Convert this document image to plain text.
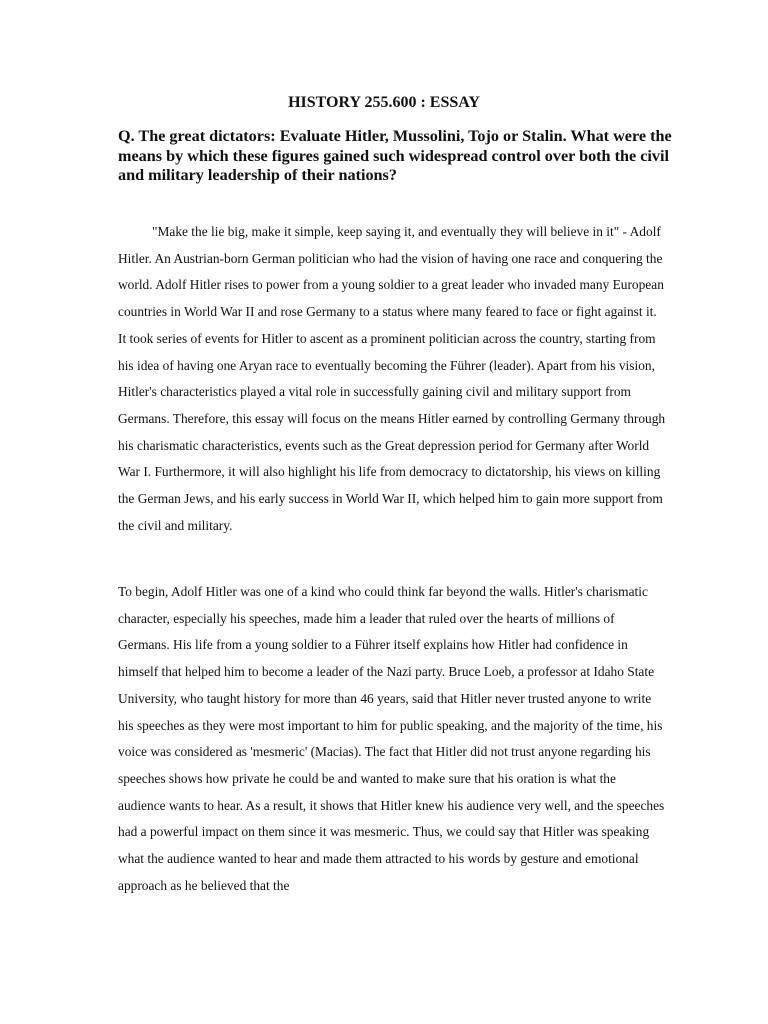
HISTORY 255.600 : ESSAY

Q. The great dictators: Evaluate Hitler, Mussolini, Tojo or Stalin. What were the means by which these figures gained such widespread control over both the civil and military leadership of their nations?

"Make the lie big, make it simple, keep saying it, and eventually they will believe in it" - Adolf Hitler. An Austrian-born German politician who had the vision of having one race and conquering the world. Adolf Hitler rises to power from a young soldier to a great leader who invaded many European countries in World War II and rose Germany to a status where many feared to face or fight against it. It took series of events for Hitler to ascent as a prominent politician across the country, starting from his idea of having one Aryan race to eventually becoming the Führer (leader). Apart from his vision, Hitler's characteristics played a vital role in successfully gaining civil and military support from Germans. Therefore, this essay will focus on the means Hitler earned by controlling Germany through his charismatic characteristics, events such as the Great depression period for Germany after World War I. Furthermore, it will also highlight his life from democracy to dictatorship, his views on killing the German Jews, and his early success in World War II, which helped him to gain more support from the civil and military.

To begin, Adolf Hitler was one of a kind who could think far beyond the walls. Hitler's charismatic character, especially his speeches, made him a leader that ruled over the hearts of millions of Germans. His life from a young soldier to a Führer itself explains how Hitler had confidence in himself that helped him to become a leader of the Nazi party. Bruce Loeb, a professor at Idaho State University, who taught history for more than 46 years, said that Hitler never trusted anyone to write his speeches as they were most important to him for public speaking, and the majority of the time, his voice was considered as 'mesmeric' (Macias). The fact that Hitler did not trust anyone regarding his speeches shows how private he could be and wanted to make sure that his oration is what the audience wants to hear. As a result, it shows that Hitler knew his audience very well, and the speeches had a powerful impact on them since it was mesmeric. Thus, we could say that Hitler was speaking what the audience wanted to hear and made them attracted to his words by gesture and emotional approach as he believed that the
